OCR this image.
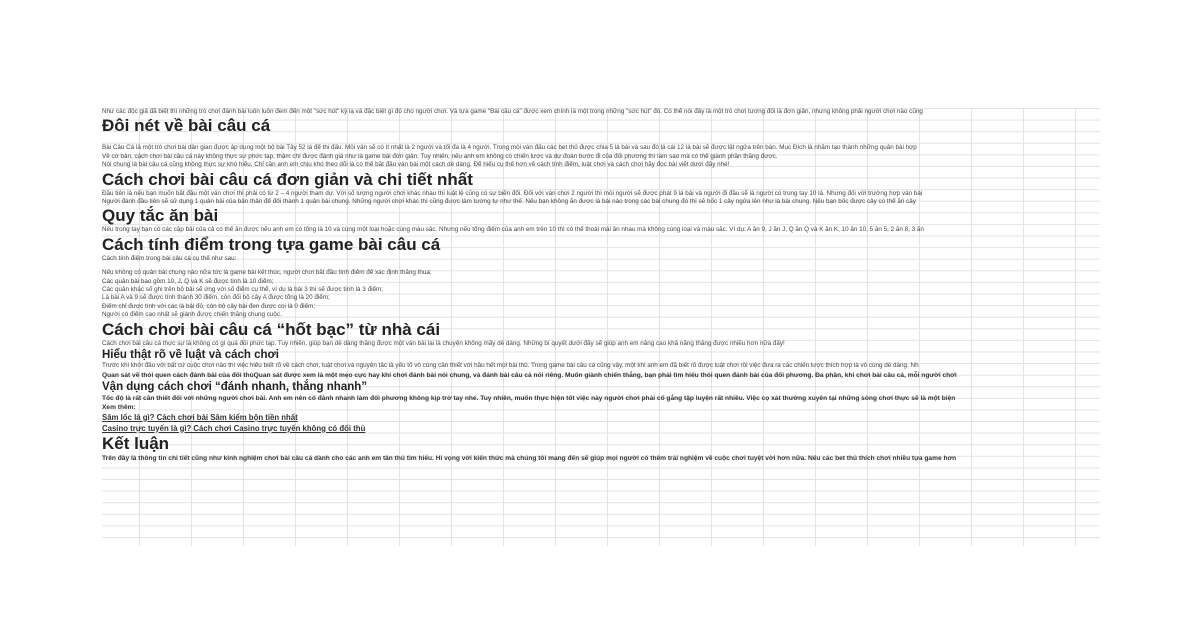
Như các độc giả đã biết thì những trò chơi đánh bài luôn luôn đem đến một "sức hút" kỳ lạ và đặc biệt gì đó cho người chơi. Và tựa game "Bài câu cá" được xem chính là một trong những "sức hút" đó. Có thể nói đây là một trò chơi tương đối là đơn giản, nhưng không phải người chơi nào cũng
Đôi nét về bài câu cá
Bài Câu Cá là một trò chơi bài dân gian được áp dụng một bộ bài Tây 52 lá để thi đấu. Mỗi ván sẽ có ít nhất là 2 người và tối đa là 4 người. Trong mỗi ván đấu các bet thủ được chia 5 lá bài và sau đó lá cái 12 lá bài sẽ được lật ngửa trên bàn. Mục Đích là nhằm tạo thành những quân bài hợp
Về cơ bản, cách chơi bài câu cá này không thực sự phức tạp, thậm chí được đánh giá như là game bài đơn giản. Tuy nhiên, nếu anh em không có chiến lược và dự đoán bước đi của đối phương thì làm sao mà có thể giành phần thắng được.
Nói chung là bài câu cá cũng không thực sự khó hiểu. Chỉ cần anh em chịu khó theo dõi là có thể bắt đầu ván bài một cách dễ dàng. Để hiểu cụ thể hơn về cách tính điểm, luật chơi và cách chơi hãy đọc bài viết dưới đây nhé!
Cách chơi bài câu cá đơn giản và chi tiết nhất
Đầu tiên là nếu bạn muốn bắt đầu một ván chơi thì phải có từ 2 – 4 người tham dự. Với số lượng người chơi khác nhau thì luật lệ cũng có sự biến đổi. Đối với ván chơi 2 người thì mỗi người sẽ được phát 9 lá bài và người đi đầu sẽ là người có trong tay 10 lá. Nhưng đối với trường hợp ván bài
Người đánh đầu tiên sẽ sử dụng 1 quân bài của bản thân để đổi thành 1 quân bài chung. Những người chơi khác thì cũng được làm tương tự như thế. Nếu bạn không ăn được lá bài nào trong các bài chung đó thì sẽ bốc 1 cây ngửa lên như là bài chung. Nếu bạn bốc được cây có thể ăn cây
Quy tắc ăn bài
Nếu trong tay bạn có các cặp bài của cả có thể ăn được nếu anh em có tổng là 10 và cùng một loại hoặc cùng màu sắc. Nhưng nếu tổng điểm của anh em trên 10 thì có thể thoải mái ăn nhau mà không cùng loại và màu sắc. Ví dụ: A ăn 9, J ăn J, Q ăn Q và K ăn K, 10 ăn 10, 5 ăn 5, 2 ăn 8, 3 ăn
Cách tính điểm trong tựa game bài câu cá
Cách tính điểm trong bài câu cá cụ thể như sau:
Nếu không có quân bài chung nào nữa tức là game bài kết thúc, người chơi bắt đầu tính điểm để xác định thắng thua;
Các quân bài bao gồm 10, J, Q và K sẽ được tính là 10 điểm;
Các quân khác số ghi trên bộ bài sẽ ứng với số điểm cụ thể, ví dụ là bài 3 thì sẽ được tính là 3 điểm;
Lá bài A và 9 sẽ được tính thành 30 điểm, còn đối bộ cây A được tổng là 20 điểm;
Điểm chỉ được tính với các lá bài đỏ, còn bộ cây bài đen được coi là 0 điểm;
Người có điểm cao nhất sẽ giành được chiến thắng chung cuộc.
Cách chơi bài câu cá “hốt bạc” từ nhà cái
Cách chơi bài câu cá thực sự là không có gì quá đỗi phức tạp. Tuy nhiên, giúp bạn dễ dàng thắng được một ván bài lại là chuyện không mấy dễ dàng. Những bí quyết dưới đây sẽ giúp anh em nâng cao khả năng thắng được nhiều hơn nữa đấy!
Hiểu thật rõ về luật và cách chơi
Trước khi khởi đầu với bất cứ cuộc chơi nào thì việc hiểu biết rõ về cách chơi, luật chơi và nguyên tắc là yếu tố vô cùng cần thiết với hầu hết mọi bài thủ. Trong game bài câu cá cũng vậy, một khi anh em đã biết rõ được luật chơi rồi việc đưa ra các chiến lược thích hợp là vô cùng dễ dàng. Nh
Quan sát về thói quen cách đánh bài của đối thủQuan sát được xem là một mẹo cực hay khi chơi đánh bài nói chung, và đánh bài câu cá nói riêng. Muốn giành chiến thắng, bạn phải tìm hiểu thói quen đánh bài của đối phương. Đa phần, khi chơi bài câu cá, mỗi người chơi
Vận dụng cách chơi “đánh nhanh, thắng nhanh”
Tốc độ là rất cần thiết đối với những người chơi bài. Anh em nên cố đánh nhanh làm đối phương không kịp trở tay nhé. Tuy nhiên, muốn thực hiện tốt việc này người chơi phải cố gắng tập luyện rất nhiều. Việc cọ xát thường xuyên tại những sòng chơi thực sẽ là một biện
Xem thêm:
Sâm lốc là gì? Cách chơi bài Sâm kiểm bộn tiền nhất
Casino trực tuyến là gì? Cách chơi Casino trực tuyến không có đối thủ
Kết luận
Trên đây là thông tin chi tiết cũng như kinh nghiệm chơi bài câu cá dành cho các anh em tân thủ tìm hiểu. Hi vọng với kiến thức mà chúng tôi mang đến sẽ giúp mọi người có thêm trải nghiệm về cuộc chơi tuyệt vời hơn nữa. Nếu các bet thủ thích chơi nhiều tựa game hơn
